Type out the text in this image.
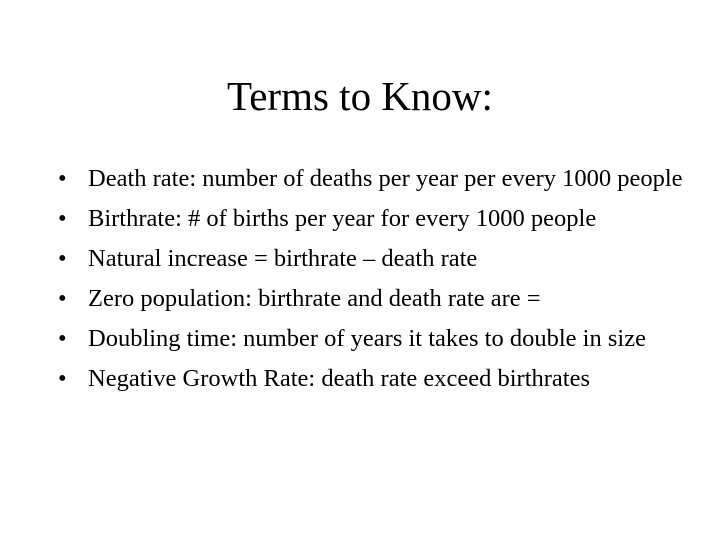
Terms to Know:
• Death rate: number of deaths per year per every 1000 people
• Birthrate: # of births per year for every 1000 people
• Natural increase = birthrate – death rate
• Zero population: birthrate and death rate are =
• Doubling time: number of years it takes to double in size
• Negative Growth Rate: death rate exceed birthrates
